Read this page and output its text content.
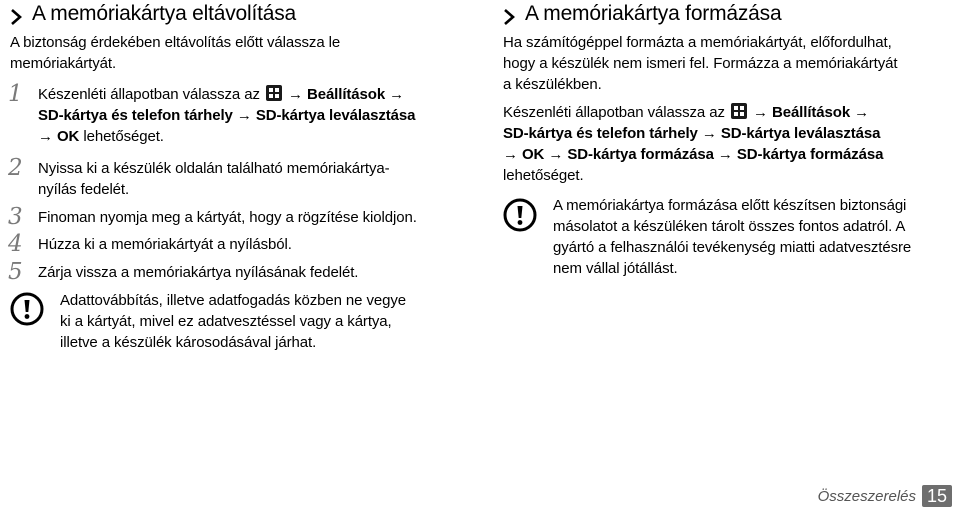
A memóriakártya eltávolítása

A biztonság érdekében eltávolítás előtt válassza le
memóriakártyát.

1 Készenléti állapotban válassza az
→ Beállítások →
SD-kártya és telefon tárhely → SD-kártya leválasztása
→ OK lehetőséget.

2 Nyissa ki a készülék oldalán található memóriakártya-
nyílás fedelét.

3 Finoman nyomja meg a kártyát, hogy a rögzítése kioldjon.

4 Húzza ki a memóriakártyát a nyílásból.

5 Zárja vissza a memóriakártya nyílásának fedelét.

Adattovábbítás, illetve adatfogadás közben ne vegye
ki a kártyát, mivel ez adatvesztéssel vagy a kártya,
illetve a készülék károsodásával járhat.

A memóriakártya formázása

Ha számítógéppel formázta a memóriakártyát, előfordulhat,
hogy a készülék nem ismeri fel. Formázza a memóriakártyát
a készülékben.

Készenléti állapotban válassza az
→ Beállítások →
SD-kártya és telefon tárhely → SD-kártya leválasztása
→ OK → SD-kártya formázása → SD-kártya formázása
lehetőséget.

A memóriakártya formázása előtt készítsen biztonsági
másolatot a készüléken tárolt összes fontos adatról. A
gyártó a felhasználói tevékenység miatti adatvesztésre
nem vállal jótállást.

Összeszerelés 15
